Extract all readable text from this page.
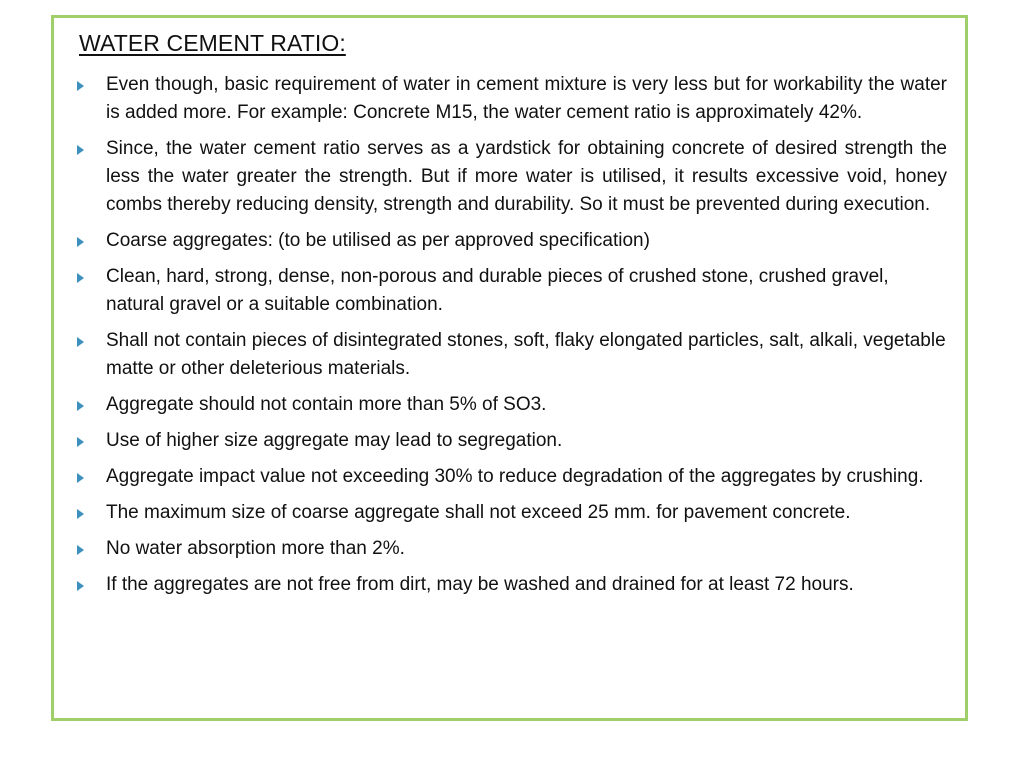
WATER CEMENT RATIO:
Even though, basic requirement of water in cement mixture is very less but for workability the water is added more. For example: Concrete M15, the water cement ratio is approximately 42%.
Since, the water cement ratio serves as a yardstick for obtaining concrete of desired strength the less the water greater the strength. But if more water is utilised, it results excessive void, honey combs thereby reducing density, strength and durability. So it must be prevented during execution.
Coarse aggregates: (to be utilised as per approved specification)
Clean, hard, strong, dense, non-porous and durable pieces of crushed stone, crushed gravel, natural gravel or a suitable combination.
Shall not contain pieces of disintegrated stones, soft, flaky elongated particles, salt, alkali, vegetable matte or other deleterious materials.
Aggregate should not contain more than 5% of SO3.
Use of higher size aggregate may lead to segregation.
Aggregate impact value not exceeding 30% to reduce degradation of the aggregates by crushing.
The maximum size of coarse aggregate shall not exceed 25 mm. for pavement concrete.
No water absorption more than 2%.
If the aggregates are not free from dirt, may be washed and drained for at least 72 hours.
